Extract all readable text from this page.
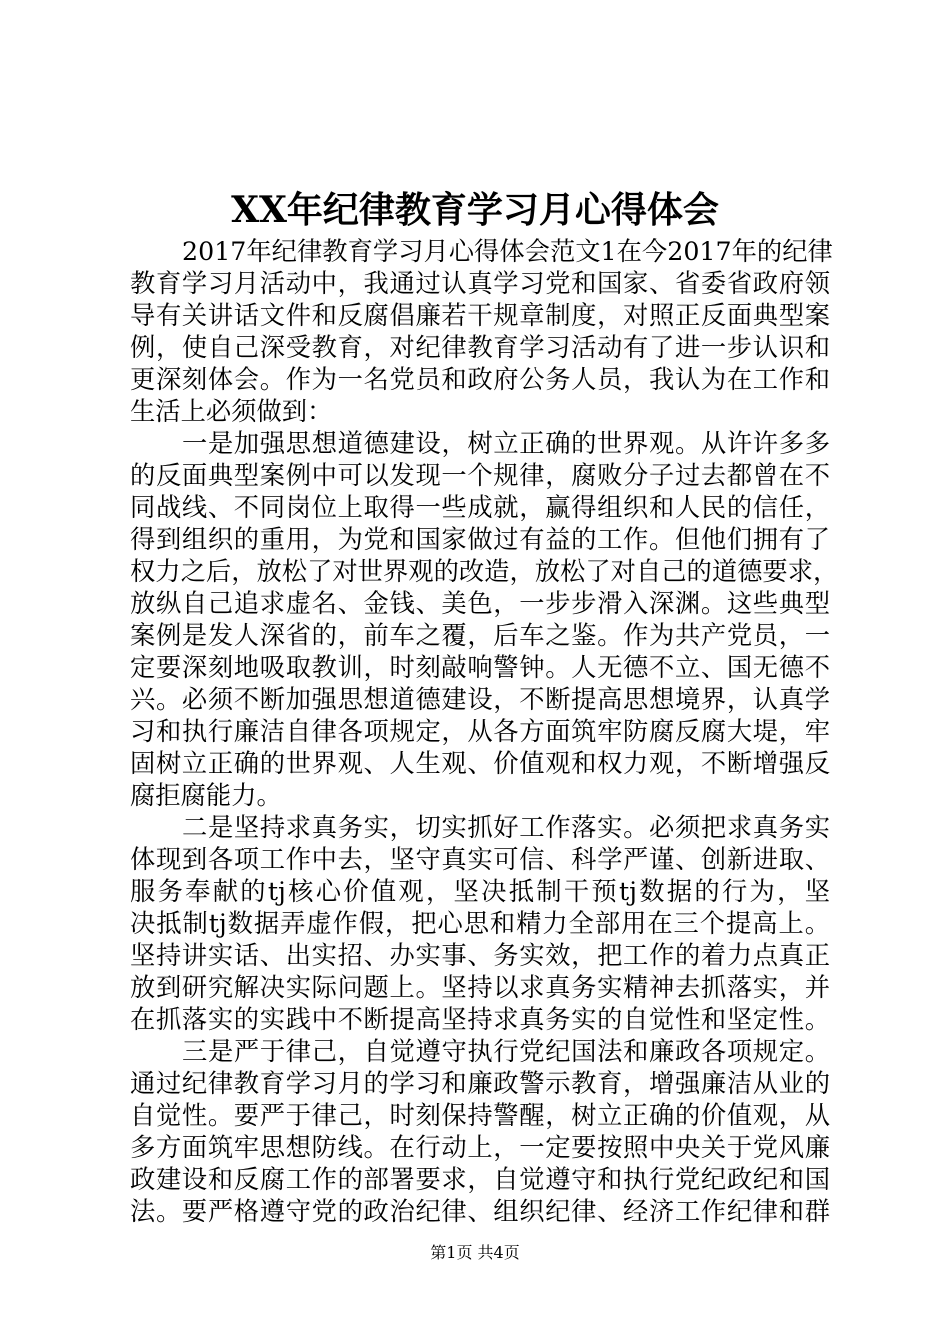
XX年纪律教育学习月心得体会
2017年纪律教育学习月心得体会范文1在今2017年的纪律
教育学习月活动中，我通过认真学习党和国家、省委省政府领
导有关讲话文件和反腐倡廉若干规章制度，对照正反面典型案
例，使自己深受教育，对纪律教育学习活动有了进一步认识和
更深刻体会。作为一名党员和政府公务人员，我认为在工作和
生活上必须做到：
一是加强思想道德建设，树立正确的世界观。从许许多多
的反面典型案例中可以发现一个规律，腐败分子过去都曾在不
同战线、不同岗位上取得一些成就，赢得组织和人民的信任，
得到组织的重用，为党和国家做过有益的工作。但他们拥有了
权力之后，放松了对世界观的改造，放松了对自己的道德要求，
放纵自己追求虚名、金钱、美色，一步步滑入深渊。这些典型
案例是发人深省的，前车之覆，后车之鉴。作为共产党员，一
定要深刻地吸取教训，时刻敲响警钟。人无德不立、国无德不
兴。必须不断加强思想道德建设，不断提高思想境界，认真学
习和执行廉洁自律各项规定，从各方面筑牢防腐反腐大堤，牢
固树立正确的世界观、人生观、价值观和权力观，不断增强反
腐拒腐能力。
二是坚持求真务实，切实抓好工作落实。必须把求真务实
体现到各项工作中去，坚守真实可信、科学严谨、创新进取、
服务奉献的tj核心价值观，坚决抵制干预tj数据的行为，坚
决抵制tj数据弄虚作假，把心思和精力全部用在三个提高上。
坚持讲实话、出实招、办实事、务实效，把工作的着力点真正
放到研究解决实际问题上。坚持以求真务实精神去抓落实，并
在抓落实的实践中不断提高坚持求真务实的自觉性和坚定性。
三是严于律己，自觉遵守执行党纪国法和廉政各项规定。
通过纪律教育学习月的学习和廉政警示教育，增强廉洁从业的
自觉性。要严于律己，时刻保持警醒，树立正确的价值观，从
多方面筑牢思想防线。在行动上，一定要按照中央关于党风廉
政建设和反腐工作的部署要求，自觉遵守和执行党纪政纪和国
法。要严格遵守党的政治纪律、组织纪律、经济工作纪律和群
第1页 共4页
